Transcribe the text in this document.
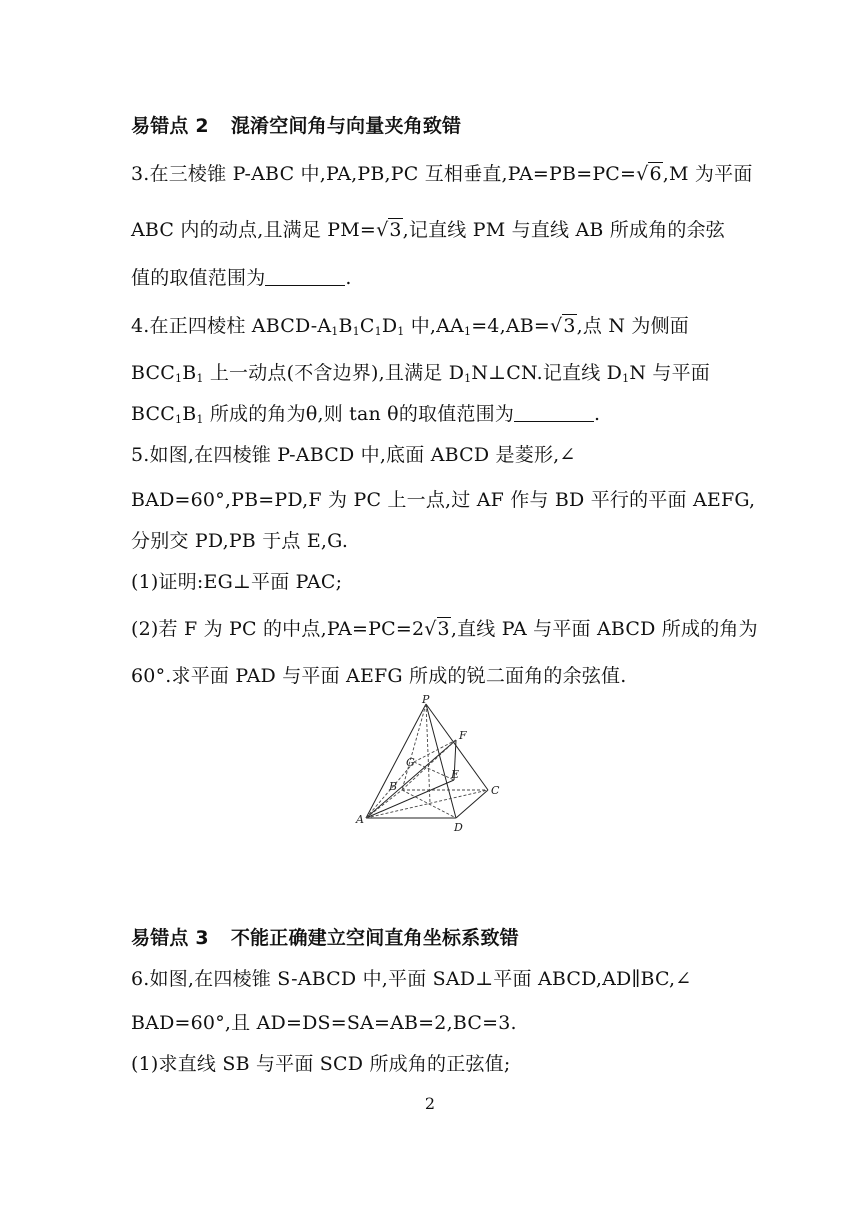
易错点 2 混淆空间角与向量夹角致错
3.在三棱锥 P-ABC 中,PA,PB,PC 互相垂直,PA=PB=PC=√6,M 为平面
ABC 内的动点,且满足 PM=√3,记直线 PM 与直线 AB 所成角的余弦
值的取值范围为	.
4.在正四棱柱 ABCD-$A_1B_1C_1D_1$ 中$,AA_1=4,AB=√3$,点 N 为侧面
$BCC_1B_1$ 上一动点(不含边界),且满足 $D_1N\perp CN$.记直线 $D_1N$ 与平面
$BCC_1B_1$ 所成的角为θ,则 tan θ的取值范围为	.
5.如图,在四棱锥 P-ABCD 中,底面 ABCD 是菱形,∠
BAD=60°,PB=PD,F 为 PC 上一点,过 AF 作与 BD 平行的平面 AEFG,
分别交 PD,PB 于点 E,G.
(1)证明:EG⊥平面 PAC;
(2)若 F 为 PC 的中点,PA=PC=2√3,直线 PA 与平面 ABCD 所成的角为
60°.求平面 PAD 与平面 AEFG 所成的锐二面角的余弦值.
P
F
G
E
B	C
A
D
易错点 3 不能正确建立空间直角坐标系致错
6.如图,在四棱锥 S-ABCD 中,平面 SAD⊥平面 ABCD,AD∥BC,∠
BAD=60°,且 AD=DS=SA=AB=2,BC=3.
(1)求直线 SB 与平面 SCD 所成角的正弦值;
2
